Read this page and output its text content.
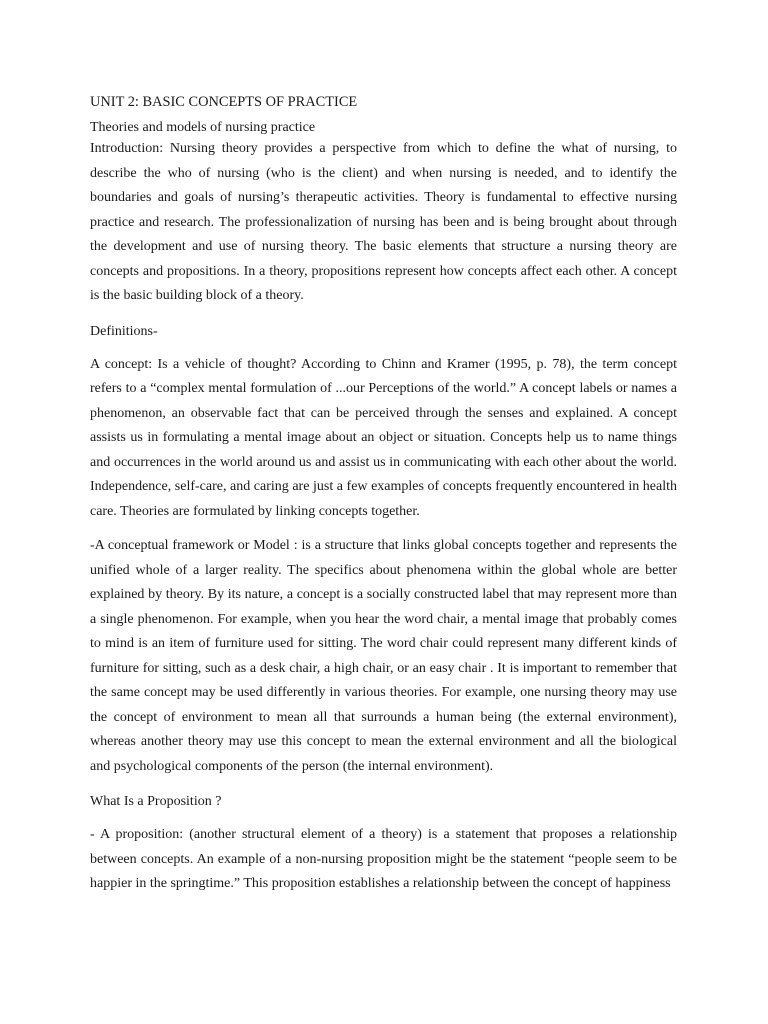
UNIT 2: BASIC CONCEPTS OF PRACTICE
Theories and models of nursing practice

Introduction: Nursing theory provides a perspective from which to define the what of nursing, to describe the who of nursing (who is the client) and when nursing is needed, and to identify the boundaries and goals of nursing’s therapeutic activities. Theory is fundamental to effective nursing practice and research. The professionalization of nursing has been and is being brought about through the development and use of nursing theory. The basic elements that structure a nursing theory are concepts and propositions. In a theory, propositions represent how concepts affect each other. A concept is the basic building block of a theory.

Definitions-

A concept: Is a vehicle of thought? According to Chinn and Kramer (1995, p. 78), the term concept refers to a “complex mental formulation of ...our Perceptions of the world.” A concept labels or names a phenomenon, an observable fact that can be perceived through the senses and explained. A concept assists us in formulating a mental image about an object or situation. Concepts help us to name things and occurrences in the world around us and assist us in communicating with each other about the world. Independence, self-care, and caring are just a few examples of concepts frequently encountered in health care. Theories are formulated by linking concepts together.

-A conceptual framework or Model : is a structure that links global concepts together and represents the unified whole of a larger reality. The specifics about phenomena within the global whole are better explained by theory. By its nature, a concept is a socially constructed label that may represent more than a single phenomenon. For example, when you hear the word chair, a mental image that probably comes to mind is an item of furniture used for sitting. The word chair could represent many different kinds of furniture for sitting, such as a desk chair, a high chair, or an easy chair . It is important to remember that the same concept may be used differently in various theories. For example, one nursing theory may use the concept of environment to mean all that surrounds a human being (the external environment), whereas another theory may use this concept to mean the external environment and all the biological and psychological components of the person (the internal environment).

What Is a Proposition ?

- A proposition: (another structural element of a theory) is a statement that proposes a relationship between concepts. An example of a non-nursing proposition might be the statement “people seem to be happier in the springtime.” This proposition establishes a relationship between the concept of happiness
